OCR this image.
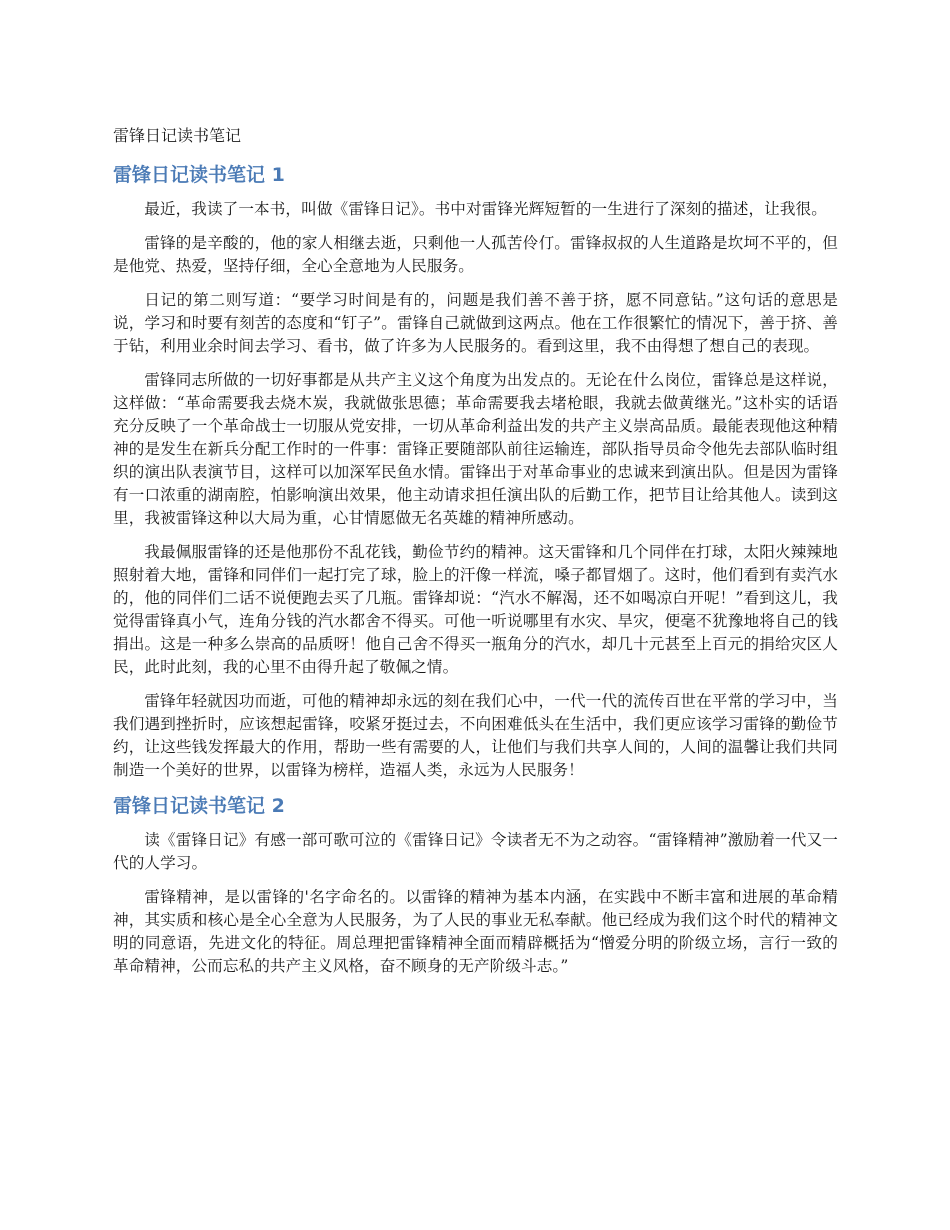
雷锋日记读书笔记
雷锋日记读书笔记 1

最近，我读了一本书，叫做《雷锋日记》。书中对雷锋光辉短暂的一生进行了深刻的描述，让我很。

雷锋的是辛酸的，他的家人相继去逝，只剩他一人孤苦伶仃。雷锋叔叔的人生道路是坎坷不平的，但是他党、热爱，坚持仔细，全心全意地为人民服务。

日记的第二则写道：“要学习时间是有的，问题是我们善不善于挤，愿不同意钻。”这句话的意思是说，学习和时要有刻苦的态度和“钉子”。雷锋自己就做到这两点。他在工作很繁忙的情况下，善于挤、善于钻，利用业余时间去学习、看书，做了许多为人民服务的。看到这里，我不由得想了想自己的表现。

雷锋同志所做的一切好事都是从共产主义这个角度为出发点的。无论在什么岗位，雷锋总是这样说，这样做：“革命需要我去烧木炭，我就做张思德；革命需要我去堵枪眼，我就去做黄继光。”这朴实的话语充分反映了一个革命战士一切服从党安排，一切从革命利益出发的共产主义崇高品质。最能表现他这种精神的是发生在新兵分配工作时的一件事：雷锋正要随部队前往运输连，部队指导员命令他先去部队临时组织的演出队表演节目，这样可以加深军民鱼水情。雷锋出于对革命事业的忠诚来到演出队。但是因为雷锋有一口浓重的湖南腔，怕影响演出效果，他主动请求担任演出队的后勤工作，把节目让给其他人。读到这里，我被雷锋这种以大局为重，心甘情愿做无名英雄的精神所感动。

我最佩服雷锋的还是他那份不乱花钱，勤俭节约的精神。这天雷锋和几个同伴在打球，太阳火辣辣地照射着大地，雷锋和同伴们一起打完了球，脸上的汗像一样流，嗓子都冒烟了。这时，他们看到有卖汽水的，他的同伴们二话不说便跑去买了几瓶。雷锋却说：“汽水不解渴，还不如喝凉白开呢！”看到这儿，我觉得雷锋真小气，连角分钱的汽水都舍不得买。可他一听说哪里有水灾、旱灾，便毫不犹豫地将自己的钱捐出。这是一种多么崇高的品质呀！他自己舍不得买一瓶角分的汽水，却几十元甚至上百元的捐给灾区人民，此时此刻，我的心里不由得升起了敬佩之情。

雷锋年轻就因功而逝，可他的精神却永远的刻在我们心中，一代一代的流传百世在平常的学习中，当我们遇到挫折时，应该想起雷锋，咬紧牙挺过去，不向困难低头在生活中，我们更应该学习雷锋的勤俭节约，让这些钱发挥最大的作用，帮助一些有需要的人，让他们与我们共享人间的，人间的温馨让我们共同制造一个美好的世界，以雷锋为榜样，造福人类，永远为人民服务！

雷锋日记读书笔记 2

读《雷锋日记》有感一部可歌可泣的《雷锋日记》令读者无不为之动容。“雷锋精神”激励着一代又一代的人学习。

雷锋精神，是以雷锋的'名字命名的。以雷锋的精神为基本内涵，在实践中不断丰富和进展的革命精神，其实质和核心是全心全意为人民服务，为了人民的事业无私奉献。他已经成为我们这个时代的精神文明的同意语，先进文化的特征。周总理把雷锋精神全面而精辟概括为“憎爱分明的阶级立场，言行一致的革命精神，公而忘私的共产主义风格，奋不顾身的无产阶级斗志。”
